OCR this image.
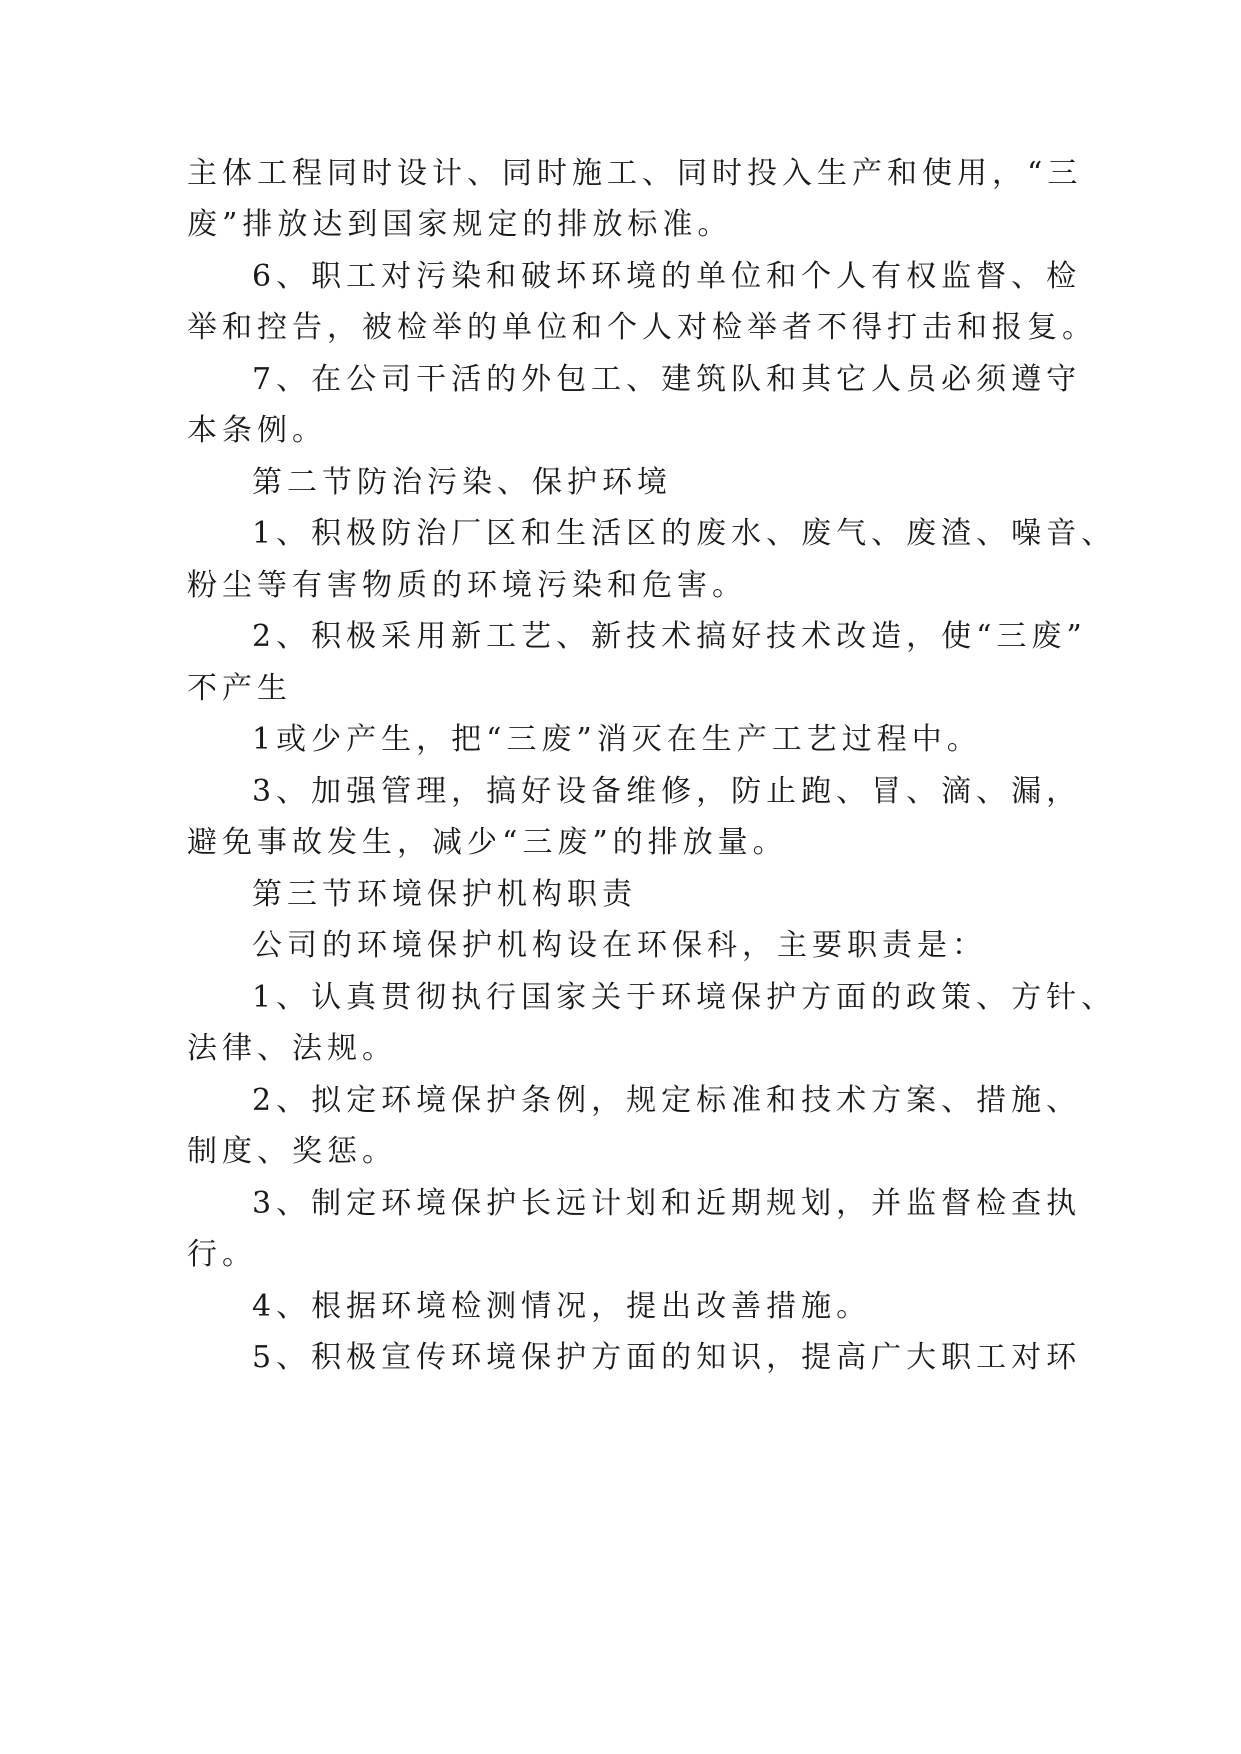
主体工程同时设计、同时施工、同时投入生产和使用，“三
废”排放达到国家规定的排放标准。
6、职工对污染和破坏环境的单位和个人有权监督、检
举和控告，被检举的单位和个人对检举者不得打击和报复。
7、在公司干活的外包工、建筑队和其它人员必须遵守
本条例。
第二节防治污染、保护环境
1、积极防治厂区和生活区的废水、废气、废渣、噪音、
粉尘等有害物质的环境污染和危害。
2、积极采用新工艺、新技术搞好技术改造，使“三废”
不产生
1或少产生，把“三废”消灭在生产工艺过程中。
3、加强管理，搞好设备维修，防止跑、冒、滴、漏，
避免事故发生，减少“三废”的排放量。
第三节环境保护机构职责
公司的环境保护机构设在环保科，主要职责是：
1、认真贯彻执行国家关于环境保护方面的政策、方针、
法律、法规。
2、拟定环境保护条例，规定标准和技术方案、措施、
制度、奖惩。
3、制定环境保护长远计划和近期规划，并监督检查执
行。
4、根据环境检测情况，提出改善措施。
5、积极宣传环境保护方面的知识，提高广大职工对环
